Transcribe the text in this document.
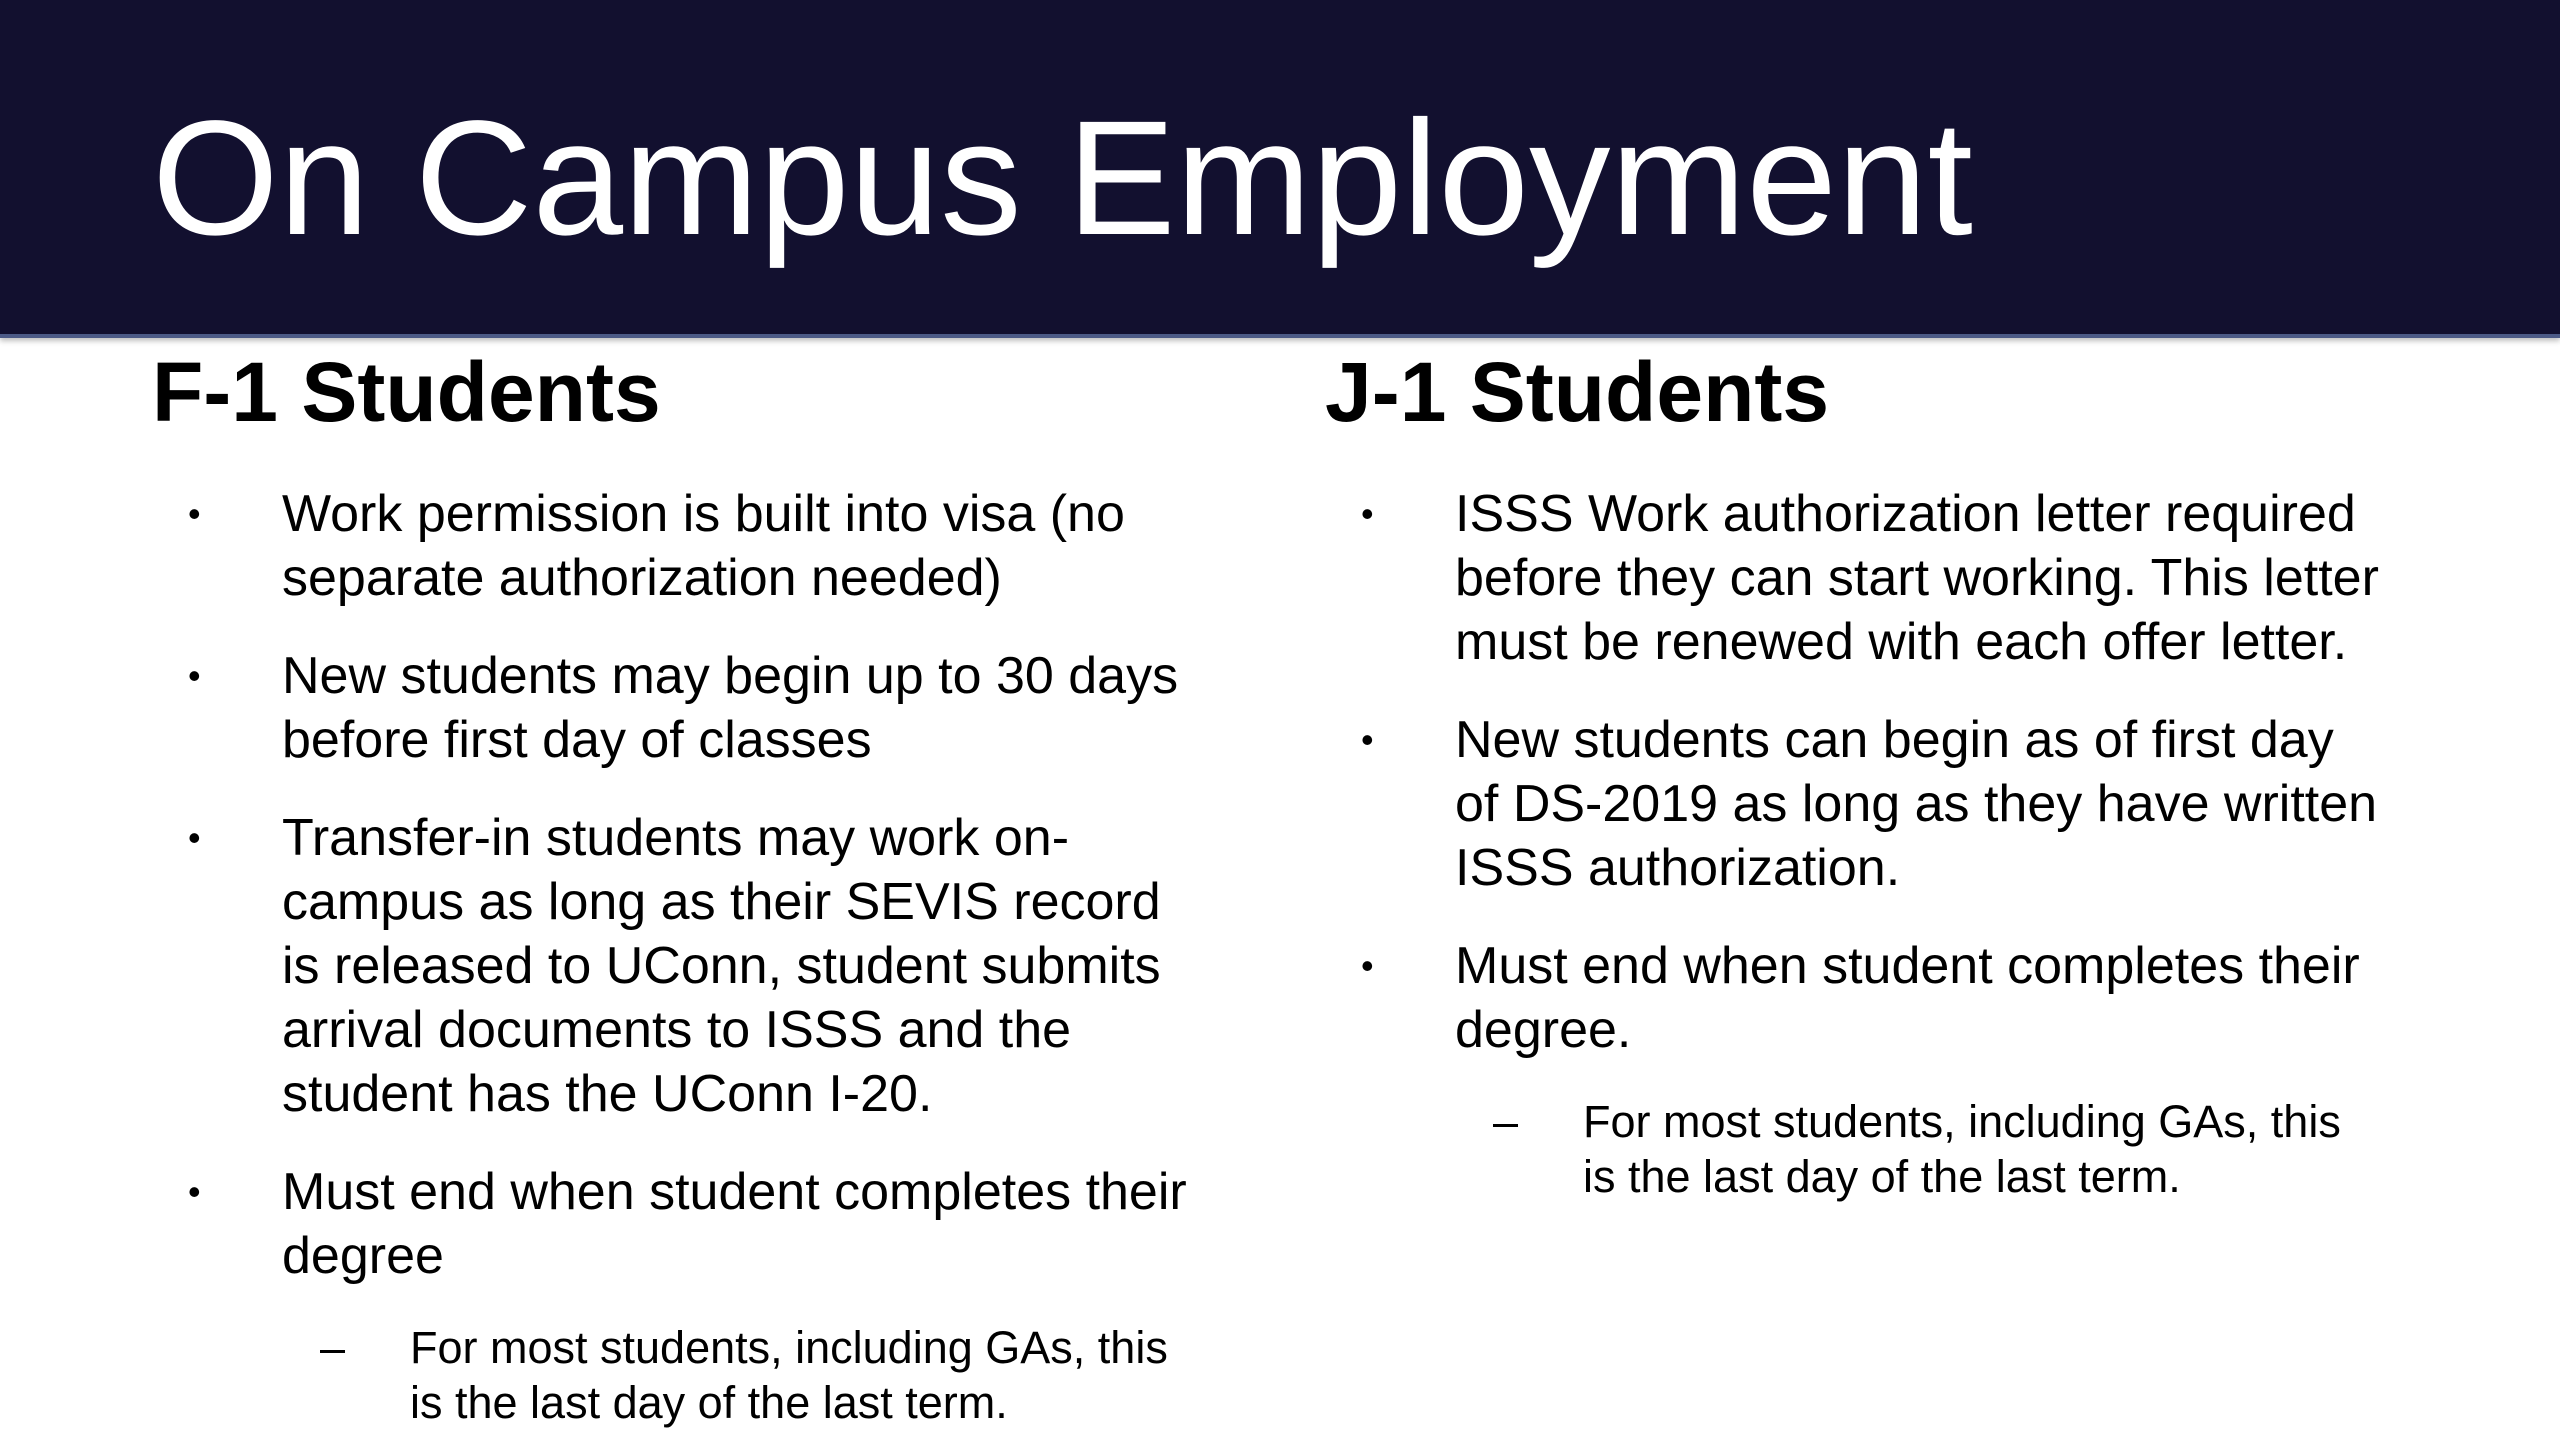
On Campus Employment
F-1 Students
• Work permission is built into visa (no separate authorization needed)
• New students may begin up to 30 days before first day of classes
• Transfer-in students may work on-campus as long as their SEVIS record is released to UConn, student submits arrival documents to ISSS and the student has the UConn I-20.
• Must end when student completes their degree
– For most students, including GAs, this is the last day of the last term.
J-1 Students
• ISSS Work authorization letter required before they can start working. This letter must be renewed with each offer letter.
• New students can begin as of first day of DS-2019 as long as they have written ISSS authorization.
• Must end when student completes their degree.
– For most students, including GAs, this is the last day of the last term.
